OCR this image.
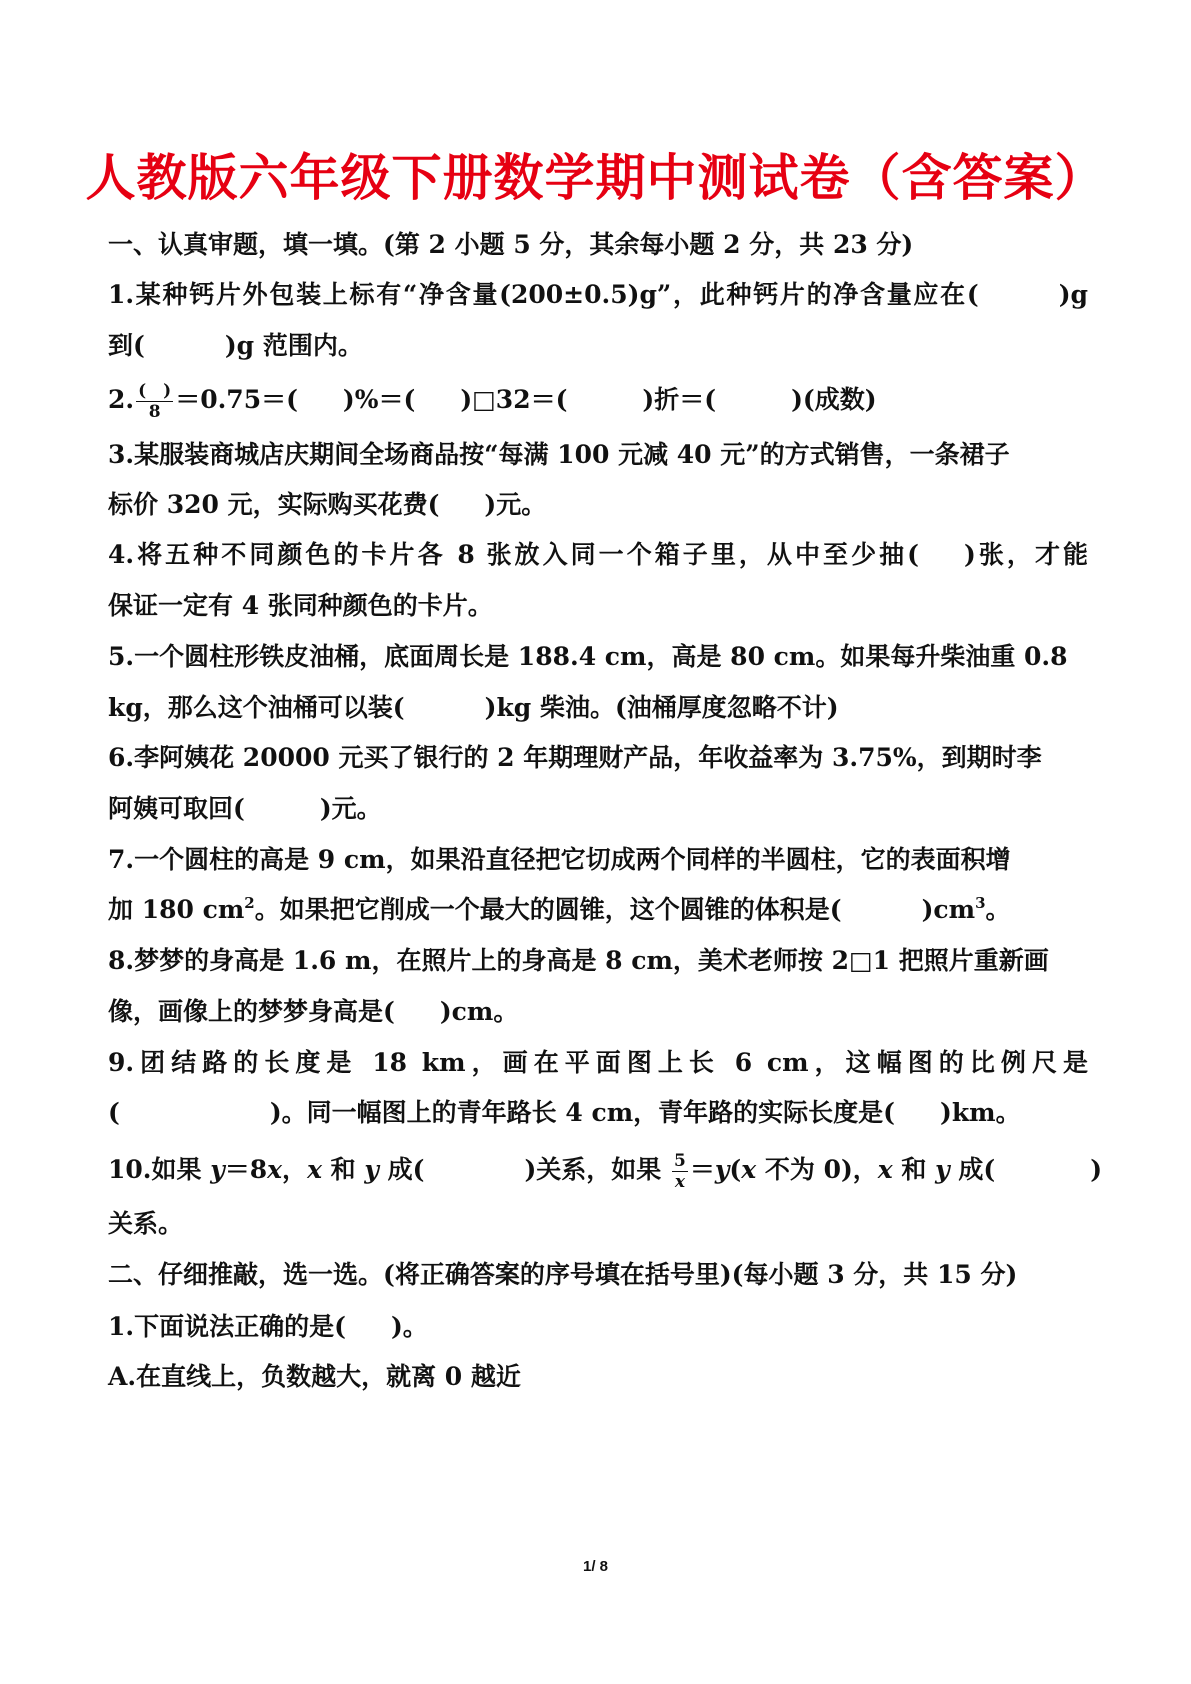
人教版六年级下册数学期中测试卷（含答案）
一、认真审题，填一填。(第 2 小题 5 分，其余每小题 2 分，共 23 分)
1.某种钙片外包装上标有“净含量(200±0.5)g”，此种钙片的净含量应在(	)g
到(	)g 范围内。
2. $\frac{( )}{8} =0.75=$( )%＝( )□32＝(	)折＝(	)(成数)
3.某服装商城店庆期间全场商品按“每满 100 元减 40 元”的方式销售，一条裙子
标价 320 元，实际购买花费( )元。
4.将五种不同颜色的卡片各 8 张放入同一个箱子里，从中至少抽( )张，才能
保证一定有 4 张同种颜色的卡片。
5.一个圆柱形铁皮油桶，底面周长是 188.4 cm，高是 80 cm。如果每升柴油重 0.8
kg，那么这个油桶可以装(	)kg 柴油。(油桶厚度忽略不计)
6.李阿姨花 20000 元买了银行的 2 年期理财产品，年收益率为 3.75%，到期时李
阿姨可取回(	)元。
7.一个圆柱的高是 9 cm，如果沿直径把它切成两个同样的半圆柱，它的表面积增
加 180 $cm^2$。如果把它削成一个最大的圆锥，这个圆锥的体积是(	)$cm^3$。
8.梦梦的身高是 1.6 m，在照片上的身高是 8 cm，美术老师按 2□1 把照片重新画
像，画像上的梦梦身高是( )cm。
9.团结路的长度是 18 km，画在平面图上长 6 cm，这幅图的比例尺是
(	)。同一幅图上的青年路长 4 cm，青年路的实际长度是( )km。
10.如果 y＝8x，x 和 y 成(	)关系，如果 $\frac{5}{x} =y(x$ 不为 0)，x 和 y 成(	)
关系。
二、仔细推敲，选一选。(将正确答案的序号填在括号里)(每小题 3 分，共 15 分)
1.下面说法正确的是( )。
A.在直线上，负数越大，就离 0 越近
1/ 8
